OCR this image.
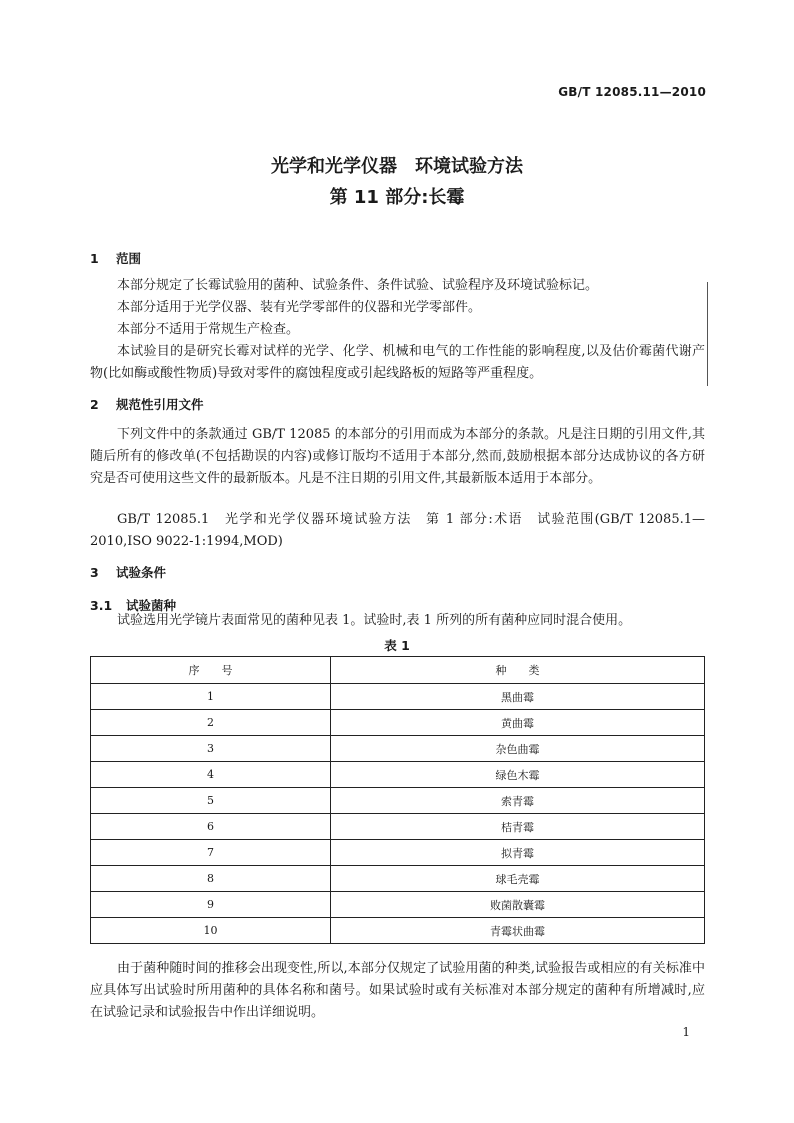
GB/T 12085.11—2010
光学和光学仪器　环境试验方法
第 11 部分:长霉
1 范围

本部分规定了长霉试验用的菌种、试验条件、条件试验、试验程序及环境试验标记。

本部分适用于光学仪器、装有光学零部件的仪器和光学零部件。

本部分不适用于常规生产检查。

本试验目的是研究长霉对试样的光学、化学、机械和电气的工作性能的影响程度,以及估价霉菌代谢产物(比如酶或酸性物质)导致对零件的腐蚀程度或引起线路板的短路等严重程度。

2 规范性引用文件

下列文件中的条款通过 GB/T 12085 的本部分的引用而成为本部分的条款。凡是注日期的引用文件,其随后所有的修改单(不包括勘误的内容)或修订版均不适用于本部分,然而,鼓励根据本部分达成协议的各方研究是否可使用这些文件的最新版本。凡是不注日期的引用文件,其最新版本适用于本部分。

GB/T 12085.1　光学和光学仪器环境试验方法　第 1 部分:术语　试验范围(GB/T 12085.1—2010,ISO 9022-1:1994,MOD)

3 试验条件
3.1 试验菌种

试验选用光学镜片表面常见的菌种见表 1。试验时,表 1 所列的所有菌种应同时混合使用。

表 1
序　　号	种　　类
1	黑曲霉
2	黄曲霉
3	杂色曲霉
4	绿色木霉
5	索青霉
6	桔青霉
7	拟青霉
8	球毛壳霉
9	败菌散囊霉
10	青霉状曲霉

由于菌种随时间的推移会出现变性,所以,本部分仅规定了试验用菌的种类,试验报告或相应的有关标准中应具体写出试验时所用菌种的具体名称和菌号。如果试验时或有关标准对本部分规定的菌种有所增减时,应在试验记录和试验报告中作出详细说明。

1
